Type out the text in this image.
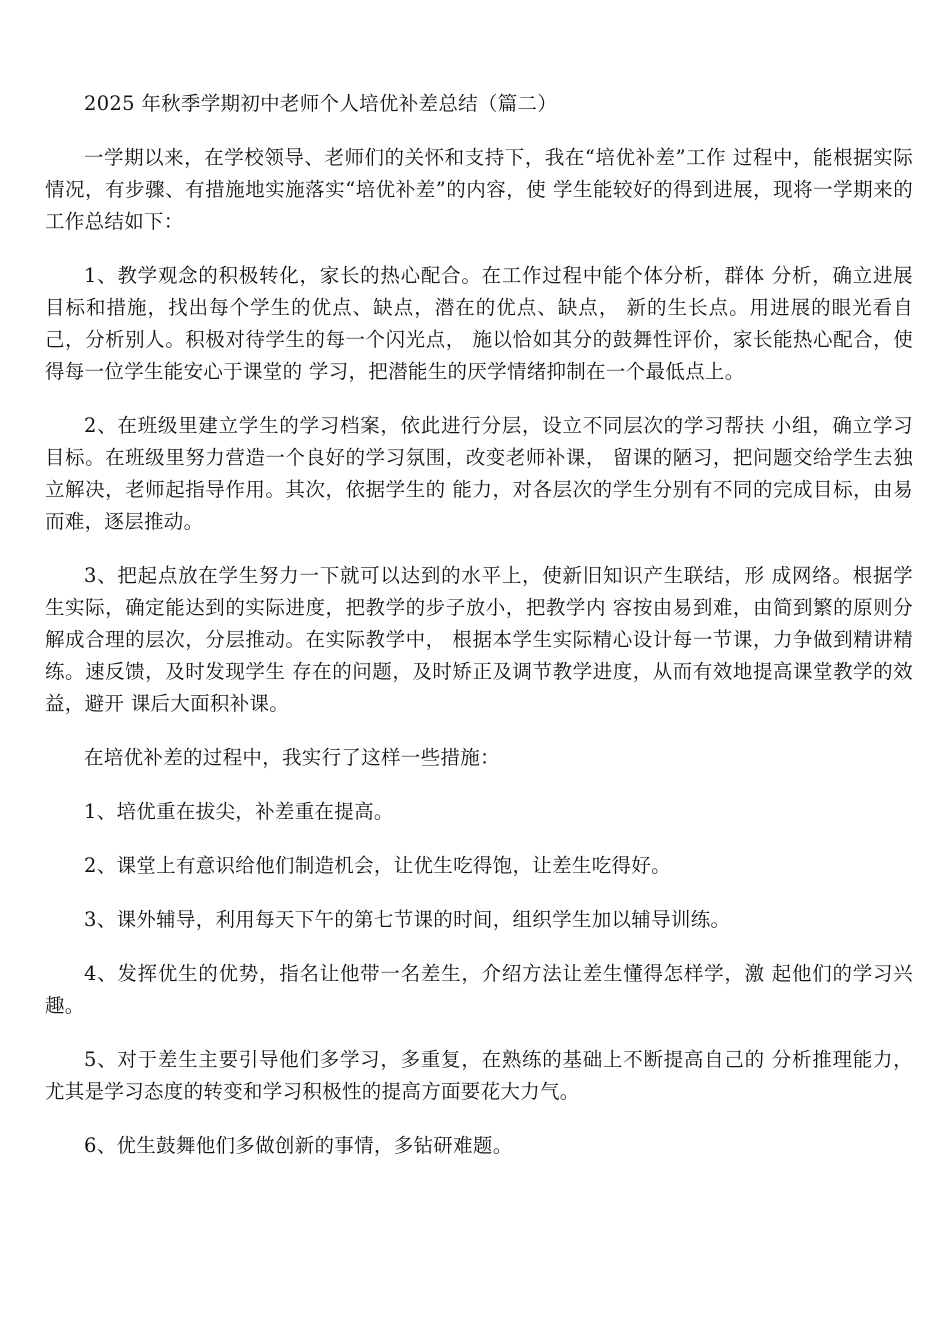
2025 年秋季学期初中老师个人培优补差总结（篇二）

一学期以来，在学校领导、老师们的关怀和支持下，我在“培优补差”工作 过程中，能根据实际情况，有步骤、有措施地实施落实“培优补差”的内容，使 学生能较好的得到进展，现将一学期来的工作总结如下：

1、教学观念的积极转化，家长的热心配合。在工作过程中能个体分析，群体 分析，确立进展目标和措施，找出每个学生的优点、缺点，潜在的优点、缺点， 新的生长点。用进展的眼光看自己，分析别人。积极对待学生的每一个闪光点， 施以恰如其分的鼓舞性评价，家长能热心配合，使得每一位学生能安心于课堂的 学习，把潜能生的厌学情绪抑制在一个最低点上。

2、在班级里建立学生的学习档案，依此进行分层，设立不同层次的学习帮扶 小组，确立学习目标。在班级里努力营造一个良好的学习氛围，改变老师补课， 留课的陋习，把问题交给学生去独立解决，老师起指导作用。其次，依据学生的 能力，对各层次的学生分别有不同的完成目标，由易而难，逐层推动。

3、把起点放在学生努力一下就可以达到的水平上，使新旧知识产生联结，形 成网络。根据学生实际，确定能达到的实际进度，把教学的步子放小，把教学内 容按由易到难，由简到繁的原则分解成合理的层次，分层推动。在实际教学中， 根据本学生实际精心设计每一节课，力争做到精讲精练。速反馈，及时发现学生 存在的问题，及时矫正及调节教学进度，从而有效地提高课堂教学的效益，避开 课后大面积补课。

在培优补差的过程中，我实行了这样一些措施：

1、培优重在拔尖，补差重在提高。

2、课堂上有意识给他们制造机会，让优生吃得饱，让差生吃得好。

3、课外辅导，利用每天下午的第七节课的时间，组织学生加以辅导训练。

4、发挥优生的优势，指名让他带一名差生，介绍方法让差生懂得怎样学，激 起他们的学习兴趣。

5、对于差生主要引导他们多学习，多重复，在熟练的基础上不断提高自己的 分析推理能力，尤其是学习态度的转变和学习积极性的提高方面要花大力气。

6、优生鼓舞他们多做创新的事情，多钻研难题。
